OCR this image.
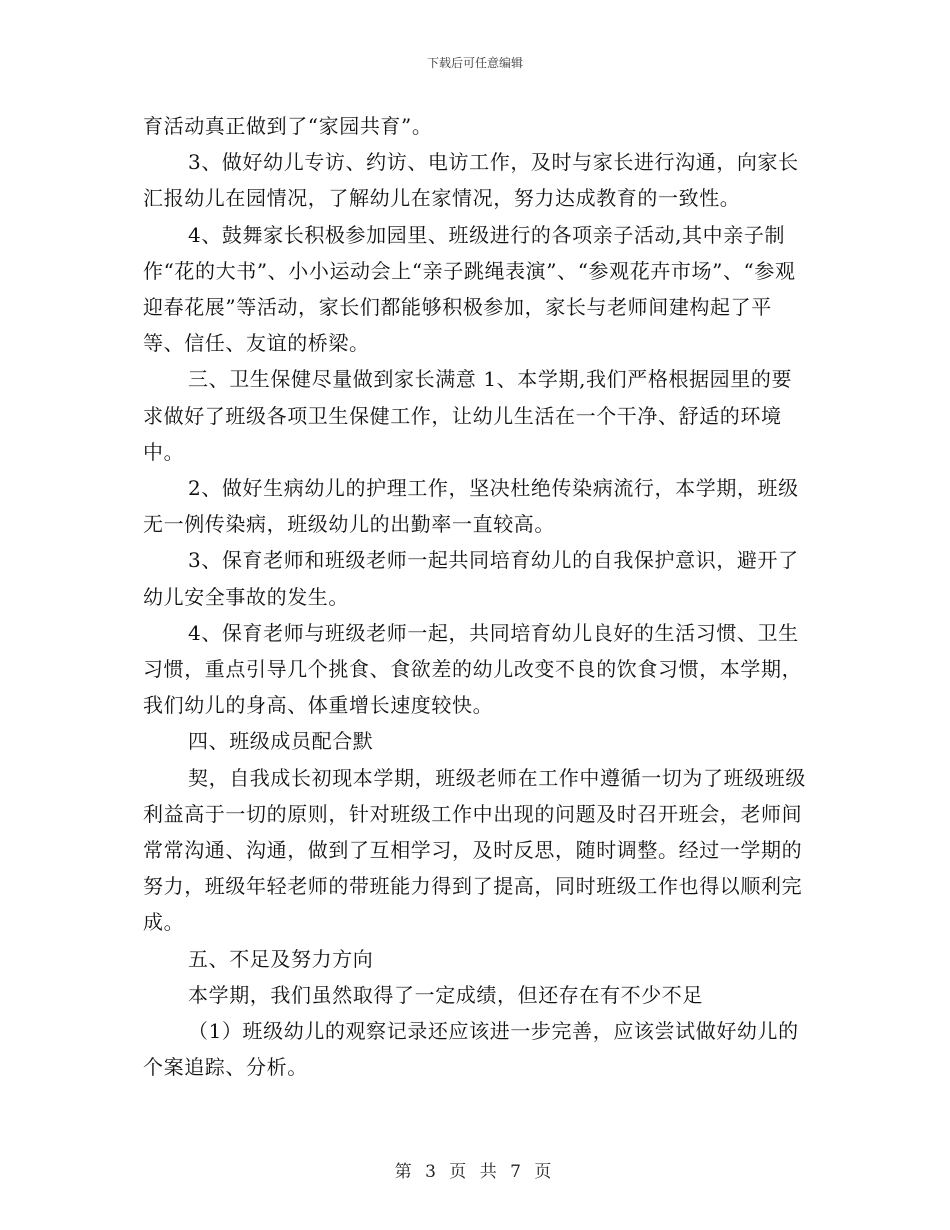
下载后可任意编辑

育活动真正做到了“家园共育”。

3、做好幼儿专访、约访、电访工作，及时与家长进行沟通，向家长汇报幼儿在园情况，了解幼儿在家情况，努力达成教育的一致性。

4、鼓舞家长积极参加园里、班级进行的各项亲子活动,其中亲子制作“花的大书”、小小运动会上“亲子跳绳表演”、“参观花卉市场”、“参观迎春花展”等活动，家长们都能够积极参加，家长与老师间建构起了平等、信任、友谊的桥梁。

三、卫生保健尽量做到家长满意 1、本学期,我们严格根据园里的要求做好了班级各项卫生保健工作，让幼儿生活在一个干净、舒适的环境中。

2、做好生病幼儿的护理工作，坚决杜绝传染病流行，本学期，班级无一例传染病，班级幼儿的出勤率一直较高。

3、保育老师和班级老师一起共同培育幼儿的自我保护意识，避开了幼儿安全事故的发生。

4、保育老师与班级老师一起，共同培育幼儿良好的生活习惯、卫生习惯，重点引导几个挑食、食欲差的幼儿改变不良的饮食习惯，本学期，我们幼儿的身高、体重增长速度较快。

四、班级成员配合默

契，自我成长初现本学期，班级老师在工作中遵循一切为了班级班级利益高于一切的原则，针对班级工作中出现的问题及时召开班会，老师间常常沟通、沟通，做到了互相学习，及时反思，随时调整。经过一学期的努力，班级年轻老师的带班能力得到了提高，同时班级工作也得以顺利完成。

五、不足及努力方向

本学期，我们虽然取得了一定成绩，但还存在有不少不足

（1）班级幼儿的观察记录还应该进一步完善，应该尝试做好幼儿的个案追踪、分析。

第 3 页 共 7 页
